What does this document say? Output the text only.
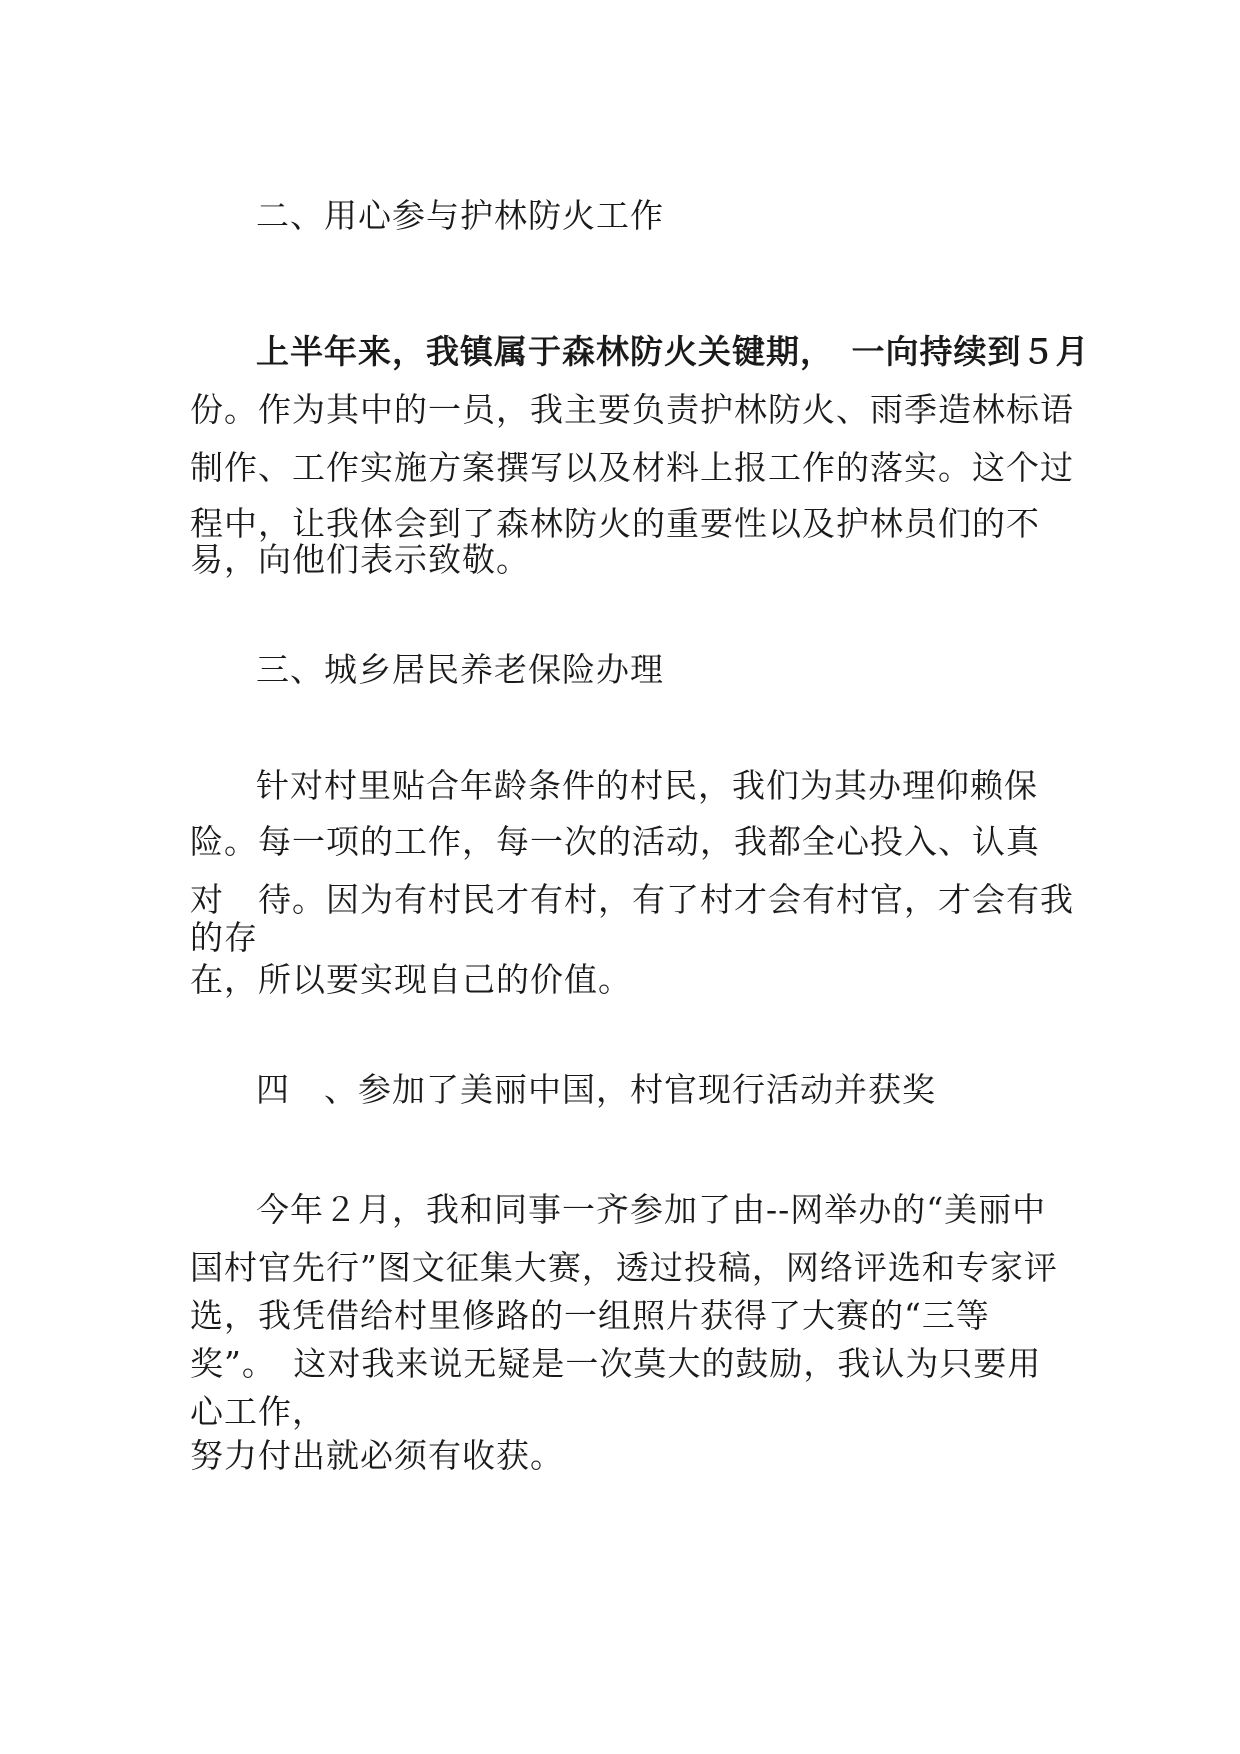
二、用心参与护林防火工作
上半年来，我镇属于森林防火关键期，　一向持续到５月
份。作为其中的一员，我主要负责护林防火、雨季造林标语
制作、工作实施方案撰写以及材料上报工作的落实。这个过
程中，让我体会到了森林防火的重要性以及护林员们的不
易，向他们表示致敬。
三、城乡居民养老保险办理
针对村里贴合年龄条件的村民，我们为其办理仰赖保
险。每一项的工作，每一次的活动，我都全心投入、认真
对　待。因为有村民才有村，有了村才会有村官，才会有我
的存
在，所以要实现自己的价值。
四　、参加了美丽中国，村官现行活动并获奖
今年２月，我和同事一齐参加了由--网举办的“美丽中
国村官先行”图文征集大赛，透过投稿，网络评选和专家评
选，我凭借给村里修路的一组照片获得了大赛的“三等
奖”。　这对我来说无疑是一次莫大的鼓励，我认为只要用
心工作，
努力付出就必须有收获。
